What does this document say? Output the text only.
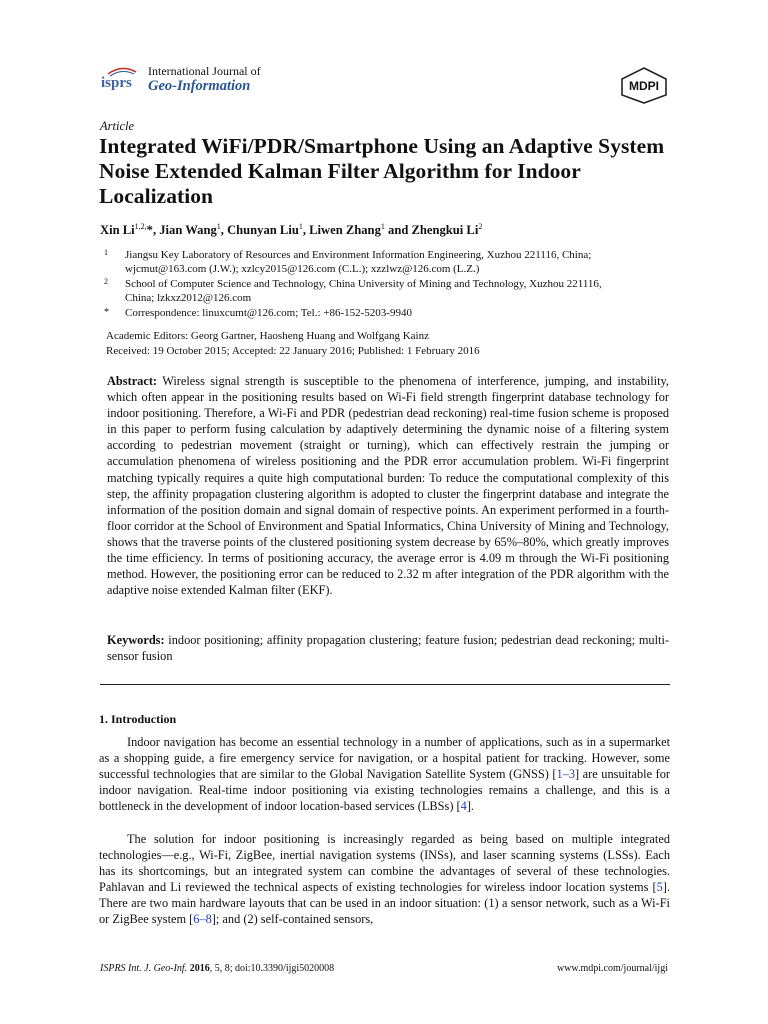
isprs
International Journal of
Geo-Information	MDPI
Article
Integrated WiFi/PDR/Smartphone Using an Adaptive System Noise Extended Kalman Filter Algorithm for Indoor Localization
Xin $Li^{1,2,}*$, Jian Wang$^1$, Chunyan Liu$^1$, Liwen Zhang$^1$ and Zhengkui Li$^2$
1 Jiangsu Key Laboratory of Resources and Environment Information Engineering, Xuzhou 221116, China;
wjcmut@163.com (J.W.); xzlcy2015@126.com (C.L.); xzzlwz@126.com (L.Z.)
2 School of Computer Science and Technology, China University of Mining and Technology, Xuzhou 221116,
China; lzkxz2012@126.com
* Correspondence: linuxcumt@126.com; Tel.: +86-152-5203-9940
Academic Editors: Georg Gartner, Haosheng Huang and Wolfgang Kainz
Received: 19 October 2015; Accepted: 22 January 2016; Published: 1 February 2016
Abstract: Wireless signal strength is susceptible to the phenomena of interference, jumping, and instability, which often appear in the positioning results based on Wi-Fi field strength fingerprint database technology for indoor positioning. Therefore, a Wi-Fi and PDR (pedestrian dead reckoning) real-time fusion scheme is proposed in this paper to perform fusing calculation by adaptively determining the dynamic noise of a filtering system according to pedestrian movement (straight or turning), which can effectively restrain the jumping or accumulation phenomena of wireless positioning and the PDR error accumulation problem. Wi-Fi fingerprint matching typically requires a quite high computational burden: To reduce the computational complexity of this step, the affinity propagation clustering algorithm is adopted to cluster the fingerprint database and integrate the information of the position domain and signal domain of respective points. An experiment performed in a fourth-floor corridor at the School of Environment and Spatial Informatics, China University of Mining and Technology, shows that the traverse points of the clustered positioning system decrease by 65%–80%, which greatly improves the time efficiency. In terms of positioning accuracy, the average error is 4.09 m through the Wi-Fi positioning method. However, the positioning error can be reduced to 2.32 m after integration of the PDR algorithm with the adaptive noise extended Kalman filter (EKF).
Keywords: indoor positioning; affinity propagation clustering; feature fusion; pedestrian dead reckoning; multi-sensor fusion
1. Introduction
Indoor navigation has become an essential technology in a number of applications, such as in a supermarket as a shopping guide, a fire emergency service for navigation, or a hospital patient for tracking. However, some successful technologies that are similar to the Global Navigation Satellite System (GNSS) [1–3] are unsuitable for indoor navigation. Real-time indoor positioning via existing technologies remains a challenge, and this is a bottleneck in the development of indoor location-based services (LBSs) [4].
The solution for indoor positioning is increasingly regarded as being based on multiple integrated technologies—e.g., Wi-Fi, ZigBee, inertial navigation systems (INSs), and laser scanning systems (LSSs). Each has its shortcomings, but an integrated system can combine the advantages of several of these technologies. Pahlavan and Li reviewed the technical aspects of existing technologies for wireless indoor location systems [5]. There are two main hardware layouts that can be used in an indoor situation: (1) a sensor network, such as a Wi-Fi or ZigBee system [6–8]; and (2) self-contained sensors,
ISPRS Int. J. Geo-Inf. 2016, 5, 8; doi:10.3390/ijgi5020008	www.mdpi.com/journal/ijgi
